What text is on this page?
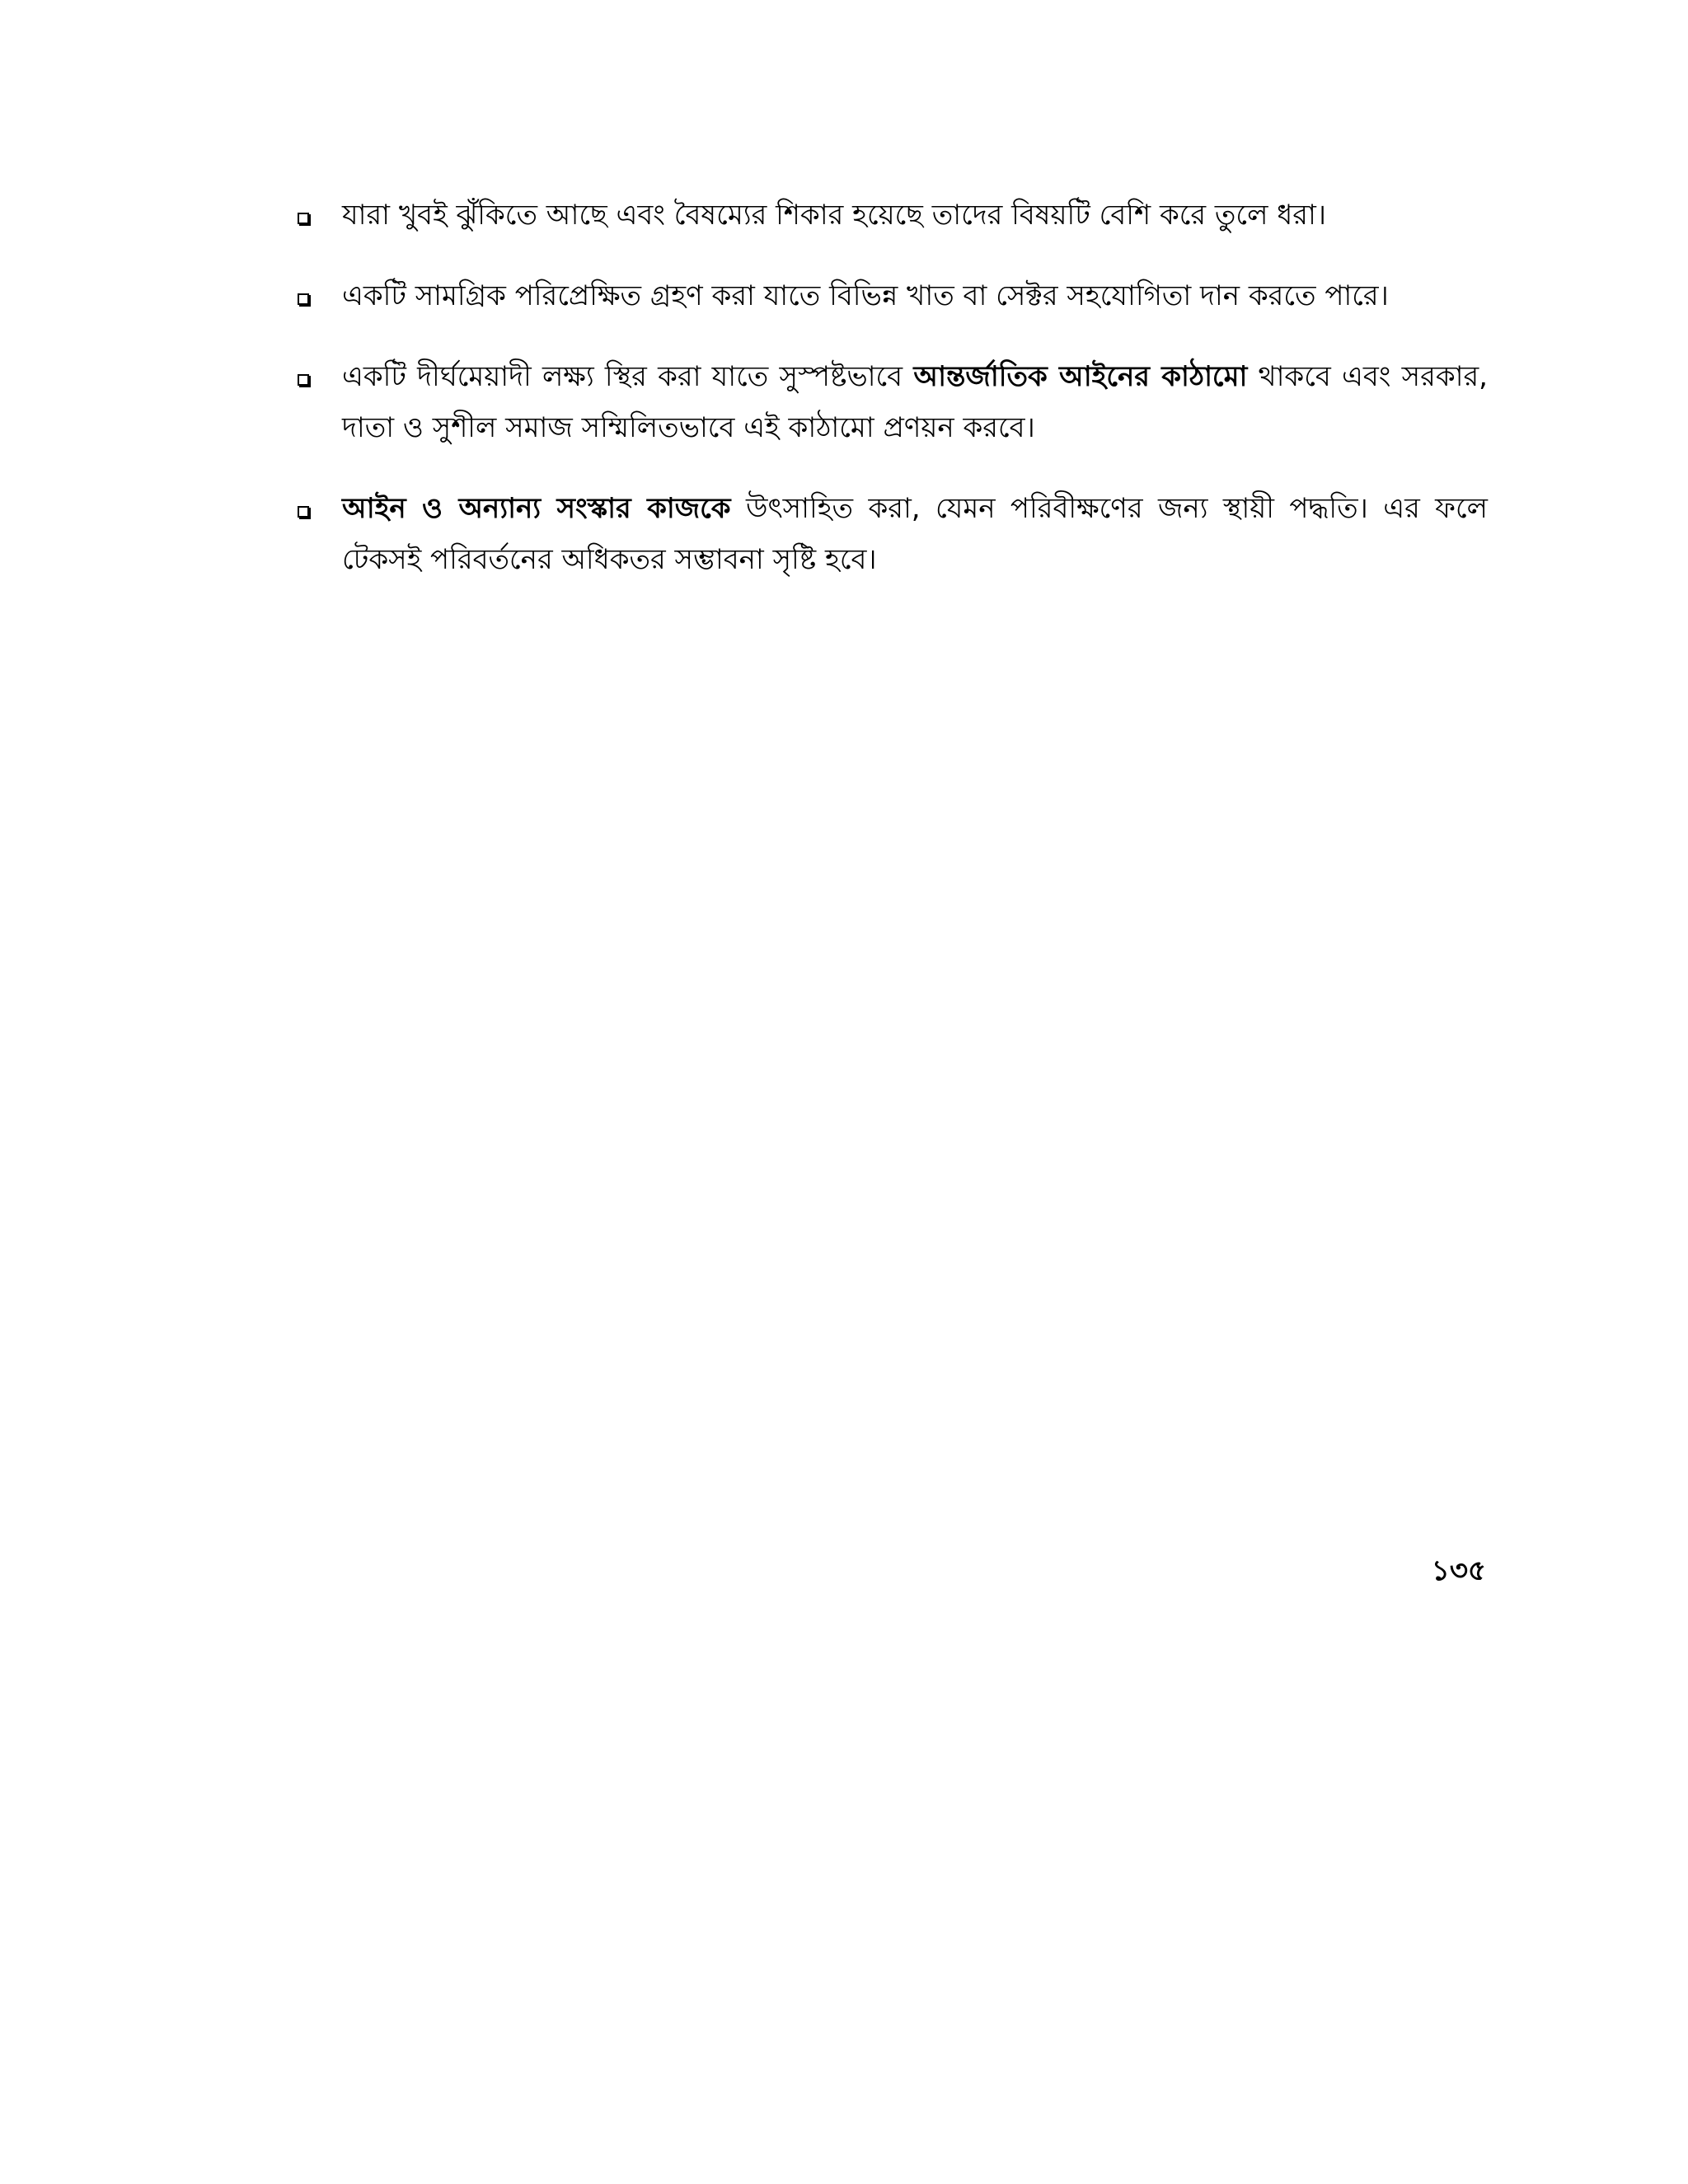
যারা খুবই ঝুঁকিতে আছে এবং বৈষম্যের শিকার হয়েছে তাদের বিষয়টি বেশি করে তুলে ধরা।
একটি সামগ্রিক পরিপ্রেক্ষিত গ্রহণ করা যাতে বিভিন্ন খাত বা সেক্টর সহযোগিতা দান করতে পারে।
একটি দীর্ঘমেয়াদী লক্ষ্য স্থির করা যাতে সুস্পষ্টভাবে আন্তর্জাতিক আইনের কাঠামো থাকবে এবং সরকার, দাতা ও সুশীল সমাজ সম্মিলিতভাবে এই কাঠামো প্রণয়ন করবে।
আইন ও অন্যান্য সংস্কার কাজকে উৎসাহিত করা, যেমন পরিবীক্ষণের জন্য স্থায়ী পদ্ধতি। এর ফলে টেকসই পরিবর্তনের অধিকতর সম্ভাবনা সৃষ্টি হবে।
১৩৫
